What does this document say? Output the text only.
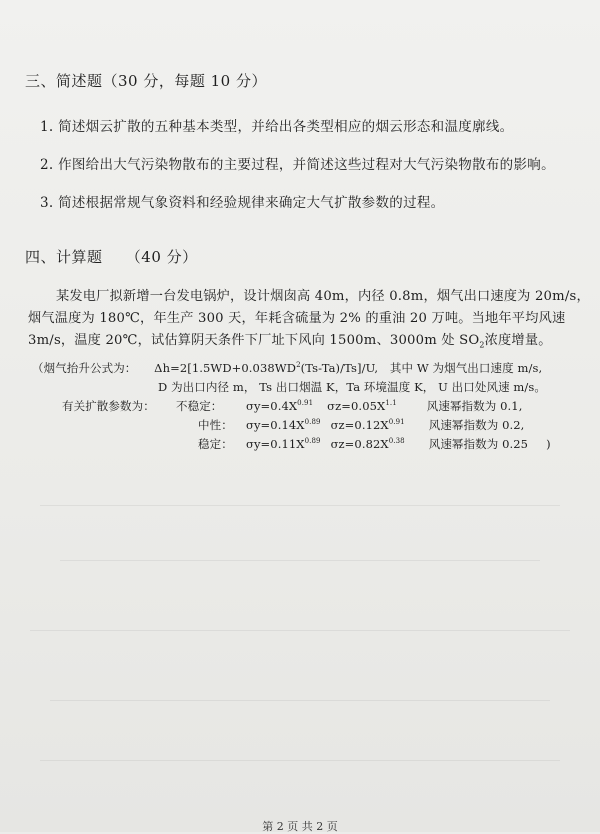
三、简述题（30 分，每题 10 分）
1. 简述烟云扩散的五种基本类型，并给出各类型相应的烟云形态和温度廓线。
2. 作图给出大气污染物散布的主要过程，并简述这些过程对大气污染物散布的影响。
3. 简述根据常规气象资料和经验规律来确定大气扩散参数的过程。
四、计算题 （40 分）
某发电厂拟新增一台发电锅炉，设计烟囱高 40m，内径 0.8m，烟气出口速度为 20m/s，
烟气温度为 180℃，年生产 300 天，年耗含硫量为 2% 的重油 20 万吨。当地年平均风速
3m/s，温度 20℃，试估算阴天条件下厂址下风向 1500m、3000m 处 $SO_2$浓度增量。
（烟气抬升公式为： $\Delta h=2[1.5WD+0.038WD^2(Ts-Ta)/Ts]/U$, 其中 W 为烟气出口速度 m/s,
D 为出口内径 m， Ts 出口烟温 K，Ta 环境温度 K， U 出口处风速 m/s。
有关扩散参数为： 不稳定： $\sigma y=0.4X^{0.91}$ $\sigma z=0.05X^{1.1}$	风速幂指数为 0.1,
中性： $\sigma y=0.14X^{0.89}$ $\sigma z=0.12X^{0.91}$ 风速幂指数为 0.2,
稳定： $\sigma y=0.11X^{0.89}$ $\sigma z=0.82X^{0.38}$ 风速幂指数为 0.25 )
第 2 页 共 2 页
